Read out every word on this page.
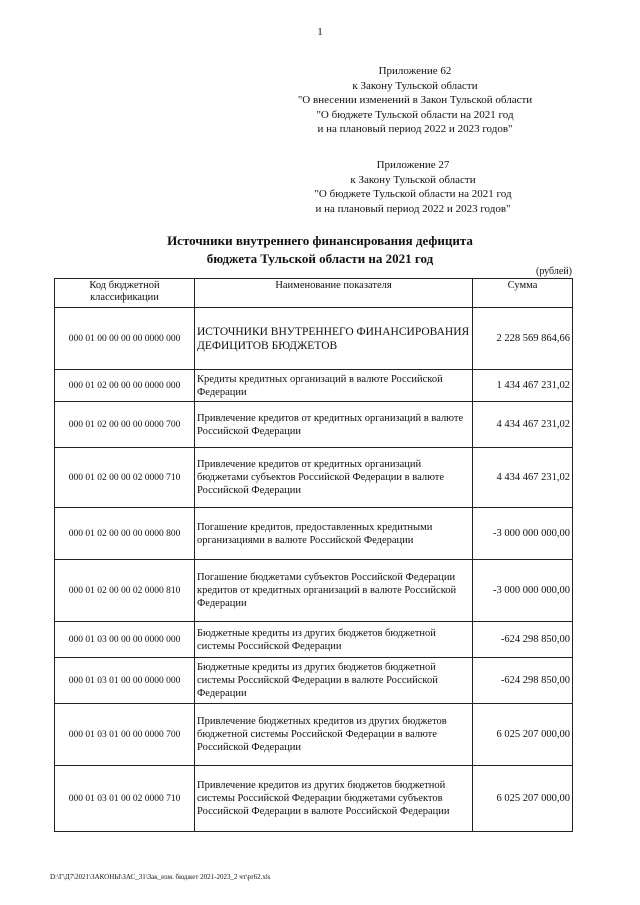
1
Приложение 62
к Закону Тульской области
"О внесении изменений в Закон Тульской области
"О бюджете Тульской области на 2021 год
и на плановый период 2022 и 2023 годов"
Приложение 27
к Закону Тульской области
"О бюджете Тульской области на 2021 год
и на плановый период 2022 и 2023 годов"
Источники внутреннего финансирования дефицита
бюджета Тульской области на 2021 год
(рублей)
Код бюджетной классификации	Наименование показателя	Сумма
000 01 00 00 00 00 0000 000	ИСТОЧНИКИ ВНУТРЕННЕГО ФИНАНСИРОВАНИЯ ДЕФИЦИТОВ БЮДЖЕТОВ	2 228 569 864,66
000 01 02 00 00 00 0000 000	Кредиты кредитных организаций в валюте Российской Федерации	1 434 467 231,02
000 01 02 00 00 00 0000 700	Привлечение кредитов от кредитных организаций в валюте Российской Федерации	4 434 467 231,02
000 01 02 00 00 02 0000 710	Привлечение кредитов от кредитных организаций бюджетами субъектов Российской Федерации в валюте Российской Федерации	4 434 467 231,02
000 01 02 00 00 00 0000 800	Погашение кредитов, предоставленных кредитными организациями в валюте Российской Федерации	-3 000 000 000,00
000 01 02 00 00 02 0000 810	Погашение бюджетами субъектов Российской Федерации кредитов от кредитных организаций в валюте Российской Федерации	-3 000 000 000,00
000 01 03 00 00 00 0000 000	Бюджетные кредиты из других бюджетов бюджетной системы Российской Федерации	-624 298 850,00
000 01 03 01 00 00 0000 000	Бюджетные кредиты из других бюджетов бюджетной системы Российской Федерации в валюте Российской Федерации	-624 298 850,00
000 01 03 01 00 00 0000 700	Привлечение бюджетных кредитов из других бюджетов бюджетной системы Российской Федерации в валюте Российской Федерации	6 025 207 000,00
000 01 03 01 00 02 0000 710	Привлечение кредитов из других бюджетов бюджетной системы Российской Федерации бюджетами субъектов Российской Федерации в валюте Российской Федерации	6 025 207 000,00
D:\Г\Д7\2021\ЗАКОНЫ\ЗАС_31\Зак_изм. бюджет 2021-2023_2 чт\pr62.xls
